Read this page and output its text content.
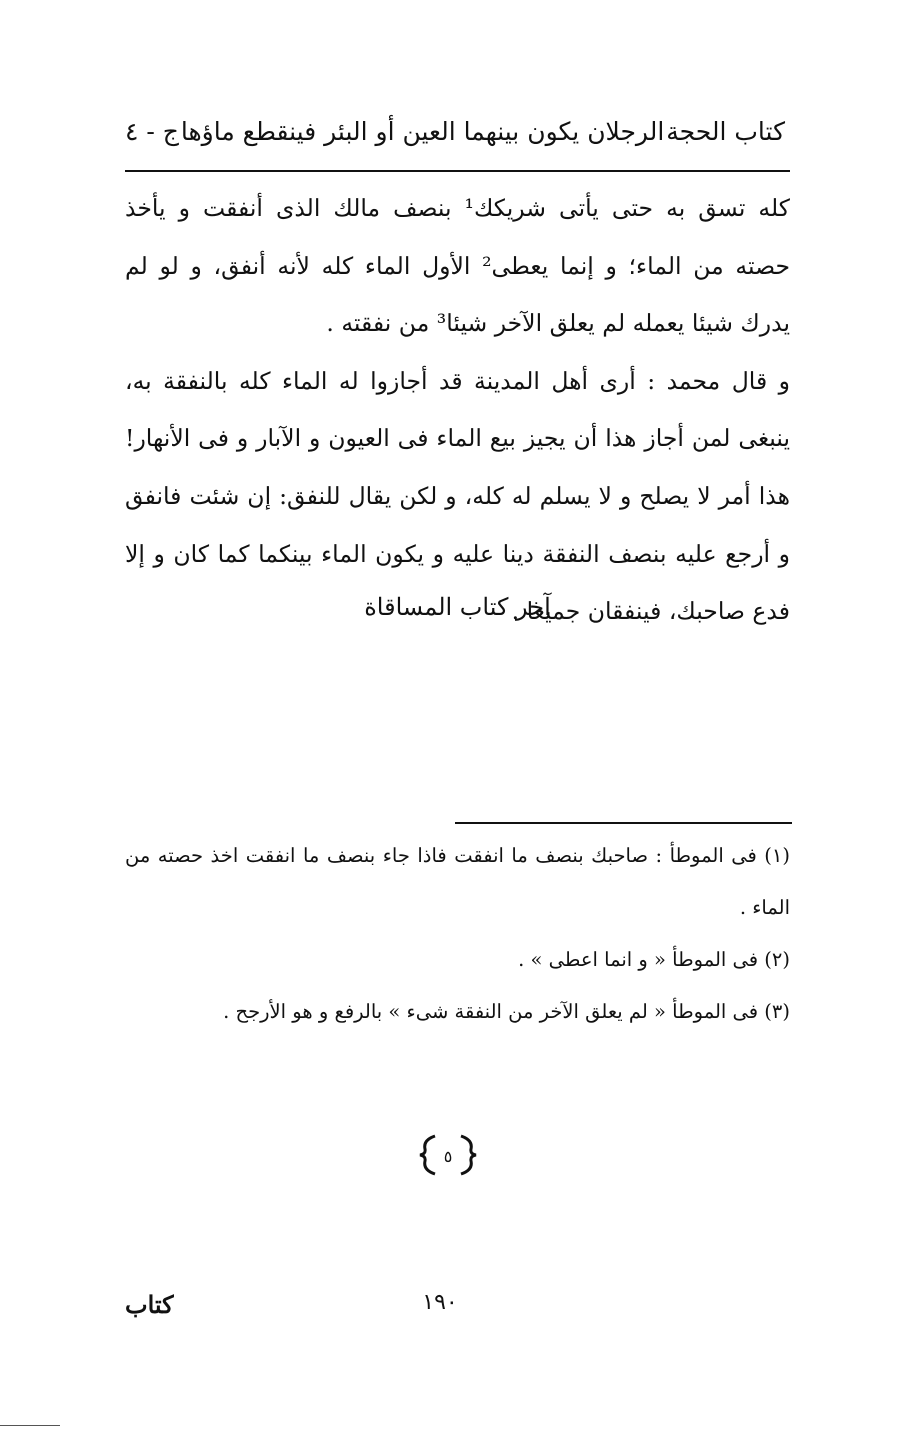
كتاب الحجة
الرجلان يكون بينهما العين أو البئر فينقطع ماؤها
ج - ٤

كله تسق به حتى يأتى شريكك¹ بنصف مالك الذى أنفقت و يأخذ حصته من الماء؛ و إنما يعطى² الأول الماء كله لأنه أنفق، و لو لم يدرك شيئا يعمله لم يعلق الآخر شيئا³ من نفقته .

و قال محمد : أرى أهل المدينة قد أجازوا له الماء كله بالنفقة به، ينبغى لمن أجاز هذا أن يجيز بيع الماء فى العيون و الآبار و فى الأنهار! هذا أمر لا يصلح و لا يسلم له كله، و لكن يقال للنفق: إن شئت فانفق و أرجع عليه بنصف النفقة دينا عليه و يكون الماء بينكما كما كان و إلا فدع صاحبك، فينفقان جميعا .

آخر كتاب المساقاة

(١) فى الموطأ : صاحبك بنصف ما انفقت فاذا جاء بنصف ما انفقت اخذ حصته من الماء .

(٢) فى الموطأ « و انما اعطى » .

(٣) فى الموطأ « لم يعلق الآخر من النفقة شىء » بالرفع و هو الأرجح .

٥
١٩٠
كتاب
